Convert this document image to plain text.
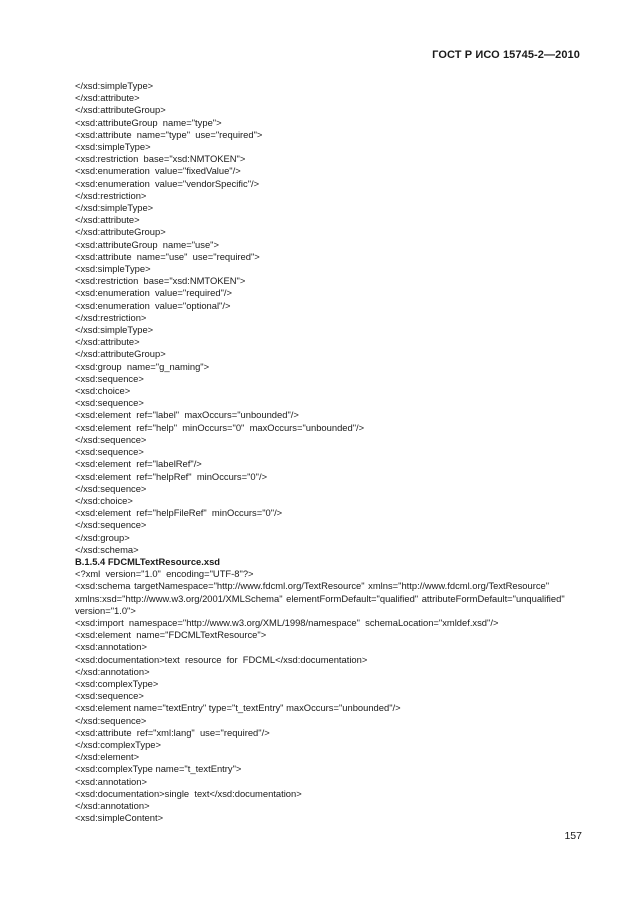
ГОСТ Р ИСО 15745-2—2010
</xsd:simpleType>
</xsd:attribute>
</xsd:attributeGroup>
<xsd:attributeGroup  name="type">
<xsd:attribute  name="type"  use="required">
<xsd:simpleType>
<xsd:restriction  base="xsd:NMTOKEN">
<xsd:enumeration  value="fixedValue"/>
<xsd:enumeration  value="vendorSpecific"/>
</xsd:restriction>
</xsd:simpleType>
</xsd:attribute>
</xsd:attributeGroup>
<xsd:attributeGroup  name="use">
<xsd:attribute  name="use"  use="required">
<xsd:simpleType>
<xsd:restriction  base="xsd:NMTOKEN">
<xsd:enumeration  value="required"/>
<xsd:enumeration  value="optional"/>
</xsd:restriction>
</xsd:simpleType>
</xsd:attribute>
</xsd:attributeGroup>
<xsd:group  name="g_naming">
<xsd:sequence>
<xsd:choice>
<xsd:sequence>
<xsd:element  ref="label"  maxOccurs="unbounded"/>
<xsd:element  ref="help"  minOccurs="0"  maxOccurs="unbounded"/>
</xsd:sequence>
<xsd:sequence>
<xsd:element  ref="labelRef"/>
<xsd:element  ref="helpRef"  minOccurs="0"/>
</xsd:sequence>
</xsd:choice>
<xsd:element  ref="helpFileRef"  minOccurs="0"/>
</xsd:sequence>
</xsd:group>
</xsd:schema>
B.1.5.4 FDCMLTextResource.xsd
<?xml  version="1.0"  encoding="UTF-8"?>
<xsd:schema targetNamespace="http://www.fdcml.org/TextResource" xmlns="http://www.fdcml.org/TextResource" xmlns:xsd="http://www.w3.org/2001/XMLSchema" elementFormDefault="qualified" attributeFormDefault="unqualified" version="1.0">
<xsd:import  namespace="http://www.w3.org/XML/1998/namespace"  schemaLocation="xmldef.xsd"/>
<xsd:element  name="FDCMLTextResource">
<xsd:annotation>
<xsd:documentation>text  resource  for  FDCML</xsd:documentation>
</xsd:annotation>
<xsd:complexType>
<xsd:sequence>
<xsd:element name="textEntry" type="t_textEntry" maxOccurs="unbounded"/>
</xsd:sequence>
<xsd:attribute  ref="xml:lang"  use="required"/>
</xsd:complexType>
</xsd:element>
<xsd:complexType name="t_textEntry">
<xsd:annotation>
<xsd:documentation>single  text</xsd:documentation>
</xsd:annotation>
<xsd:simpleContent>
157
